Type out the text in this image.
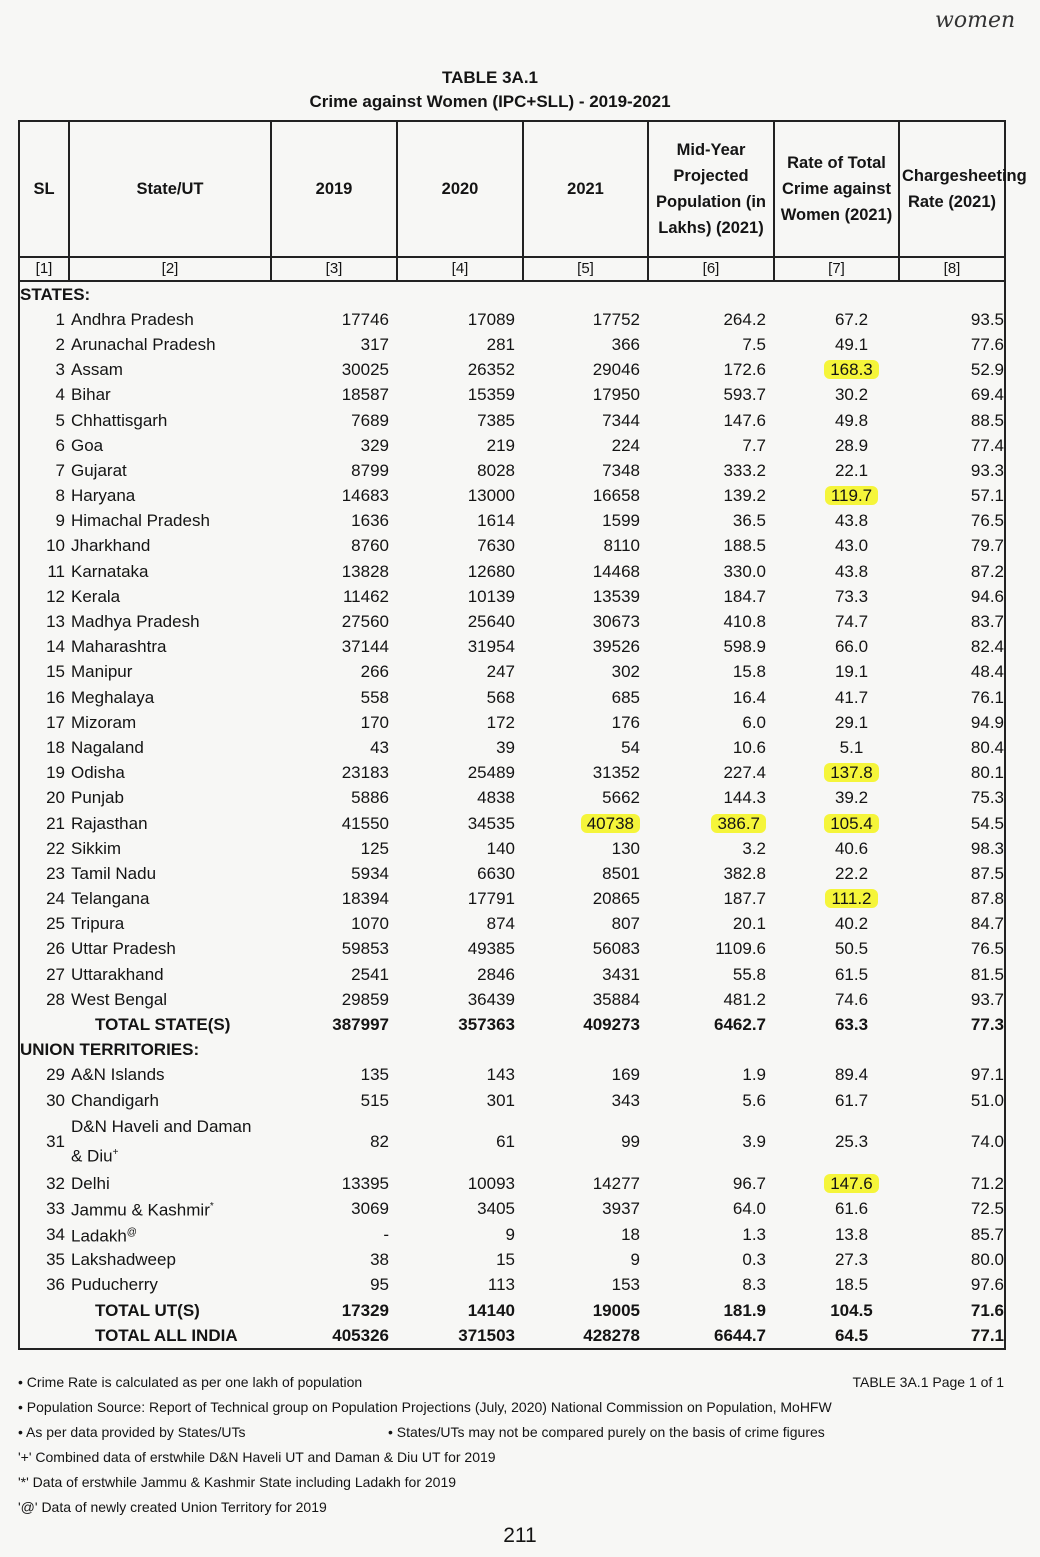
women
TABLE 3A.1
Crime against Women (IPC+SLL) - 2019-2021
SL	State/UT	2019	2020	2021	Mid-Year Projected Population (in Lakhs) (2021)	Rate of Total Crime against Women (2021)	Chargesheeting Rate (2021)
[1]	[2]	[3]	[4]	[5]	[6]	[7]	[8]
STATES:							
1	Andhra Pradesh	17746	17089	17752	264.2	67.2	93.5
2	Arunachal Pradesh	317	281	366	7.5	49.1	77.6
3	Assam	30025	26352	29046	172.6	168.3	52.9
4	Bihar	18587	15359	17950	593.7	30.2	69.4
5	Chhattisgarh	7689	7385	7344	147.6	49.8	88.5
6	Goa	329	219	224	7.7	28.9	77.4
7	Gujarat	8799	8028	7348	333.2	22.1	93.3
8	Haryana	14683	13000	16658	139.2	119.7	57.1
9	Himachal Pradesh	1636	1614	1599	36.5	43.8	76.5
10	Jharkhand	8760	7630	8110	188.5	43.0	79.7
11	Karnataka	13828	12680	14468	330.0	43.8	87.2
12	Kerala	11462	10139	13539	184.7	73.3	94.6
13	Madhya Pradesh	27560	25640	30673	410.8	74.7	83.7
14	Maharashtra	37144	31954	39526	598.9	66.0	82.4
15	Manipur	266	247	302	15.8	19.1	48.4
16	Meghalaya	558	568	685	16.4	41.7	76.1
17	Mizoram	170	172	176	6.0	29.1	94.9
18	Nagaland	43	39	54	10.6	5.1	80.4
19	Odisha	23183	25489	31352	227.4	137.8	80.1
20	Punjab	5886	4838	5662	144.3	39.2	75.3
21	Rajasthan	41550	34535	40738	386.7	105.4	54.5
22	Sikkim	125	140	130	3.2	40.6	98.3
23	Tamil Nadu	5934	6630	8501	382.8	22.2	87.5
24	Telangana	18394	17791	20865	187.7	111.2	87.8
25	Tripura	1070	874	807	20.1	40.2	84.7
26	Uttar Pradesh	59853	49385	56083	1109.6	50.5	76.5
27	Uttarakhand	2541	2846	3431	55.8	61.5	81.5
28	West Bengal	29859	36439	35884	481.2	74.6	93.7
	TOTAL STATE(S)	387997	357363	409273	6462.7	63.3	77.3
UNION TERRITORIES:							
29	A&N Islands	135	143	169	1.9	89.4	97.1
30	Chandigarh	515	301	343	5.6	61.7	51.0
31	D&N Haveli and Daman & Diu+	82	61	99	3.9	25.3	74.0
32	Delhi	13395	10093	14277	96.7	147.6	71.2
33	Jammu & Kashmir*	3069	3405	3937	64.0	61.6	72.5
34	Ladakh@	-	9	18	1.3	13.8	85.7
35	Lakshadweep	38	15	9	0.3	27.3	80.0
36	Puducherry	95	113	153	8.3	18.5	97.6
	TOTAL UT(S)	17329	14140	19005	181.9	104.5	71.6
	TOTAL ALL INDIA	405326	371503	428278	6644.7	64.5	77.1
• Crime Rate is calculated as per one lakh of population	TABLE 3A.1 Page 1 of 1
• Population Source: Report of Technical group on Population Projections (July, 2020) National Commission on Population, MoHFW
• As per data provided by States/UTs	• States/UTs may not be compared purely on the basis of crime figures
'+' Combined data of erstwhile D&N Haveli UT and Daman & Diu UT for 2019
'*' Data of erstwhile Jammu & Kashmir State including Ladakh for 2019
'@' Data of newly created Union Territory for 2019
211
